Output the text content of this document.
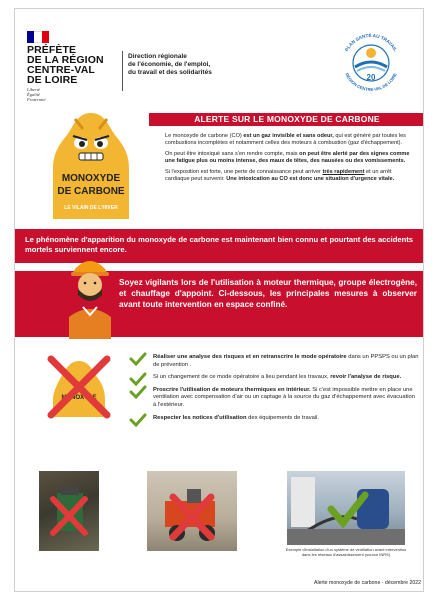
PRÉFÈTE
DE LA RÉGION
CENTRE-VAL
DE LOIRE
Liberté
Égalité
Fraternité
Direction régionale
de l'économie, de l'emploi,
du travail et des solidarités
20
PLAN SANTÉ AU TRAVAIL
RÉGION CENTRE-VAL DE LOIRE
ALERTE SUR LE MONOXYDE DE CARBONE
MONOXYDE
DE CARBONE
LE VILAIN DE L'HIVER

Le monoxyde de carbone (CO) est un gaz invisible et sans odeur, qui est généré par toutes les combustions incomplètes et notamment celles des moteurs à combustion (gaz d'échappement).

On peut être intoxiqué sans s'en rendre compte, mais on peut être alerté par des signes comme une fatigue plus ou moins intense, des maux de têtes, des nausées ou des vomissements.

Si l'exposition est forte, une perte de connaissance peut arriver très rapidement et un arrêt cardiaque peut survenir. Une intoxication au CO est donc une situation d'urgence vitale.

Le phénomène d'apparition du monoxyde de carbone est maintenant bien connu et pourtant des accidents mortels surviennent encore.
Soyez vigilants lors de l'utilisation à moteur thermique, groupe électrogène, et chauffage d'appoint. Ci-dessous, les principales mesures à observer avant toute intervention en espace confiné.
MONOXYDE
Réaliser une analyse des risques et en retranscrire le mode opératoire dans un PPSPS ou un plan de prévention .
Si un changement de ce mode opératoire a lieu pendant les travaux, revoir l'analyse de risque.
Proscrire l'utilisation de moteurs thermiques en intérieur. Si c'est impossible mettre en place une ventilation avec compensation d'air ou un captage à la source du gaz d'échappement avec évacuation à l'extérieur.
Respecter les notices d'utilisation des équipements de travail.
Exemple d'installation d'un système de ventilation avant intervention dans les réseaux d'assainissement (source INRS)
Alerte monoxyde de carbone - décembre 2022
